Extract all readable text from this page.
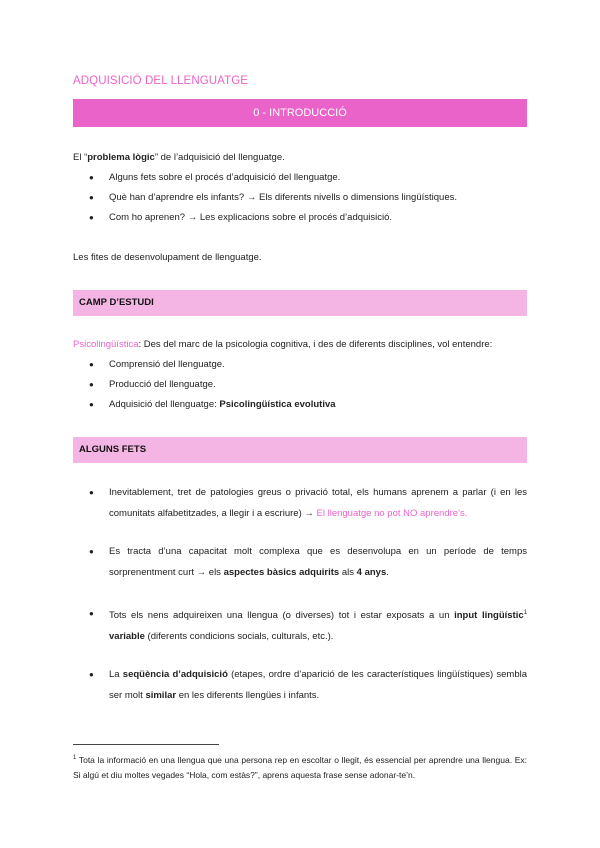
ADQUISICIÓ DEL LLENGUATGE
0 - INTRODUCCIÓ
El “problema lògic” de l’adquisició del llenguatge.
● Alguns fets sobre el procés d’adquisició del llenguatge.
● Què han d’aprendre els infants? → Els diferents nivells o dimensions lingüístiques.
● Com ho aprenen? → Les explicacions sobre el procés d’adquisició.
Les fites de desenvolupament de llenguatge.
CAMP D’ESTUDI
Psicolingüística: Des del marc de la psicologia cognitiva, i des de diferents disciplines, vol entendre:
● Comprensió del llenguatge.
● Producció del llenguatge.
● Adquisició del llenguatge: Psicolingüística evolutiva
ALGUNS FETS
● Inevitablement, tret de patologies greus o privació total, els humans aprenem a parlar (i en les comunitats alfabetitzades, a llegir i a escriure) → El llenguatge no pot NO aprendre’s.
● Es tracta d’una capacitat molt complexa que es desenvolupa en un període de temps sorprenentment curt → els aspectes bàsics adquirits als 4 anys.
● Tots els nens adquireixen una llengua (o diverses) tot i estar exposats a un input lingüístic$^1$ variable (diferents condicions socials, culturals, etc.).
● La seqüència d’adquisició (etapes, ordre d’aparició de les característiques lingüístiques) sembla ser molt similar en les diferents llengües i infants.
$^1$ Tota la informació en una llengua que una persona rep en escoltar o llegit, és essencial per aprendre una llengua. Ex: Si algú et diu moltes vegades “Hola, com estàs?”, aprens aquesta frase sense adonar-te’n.
